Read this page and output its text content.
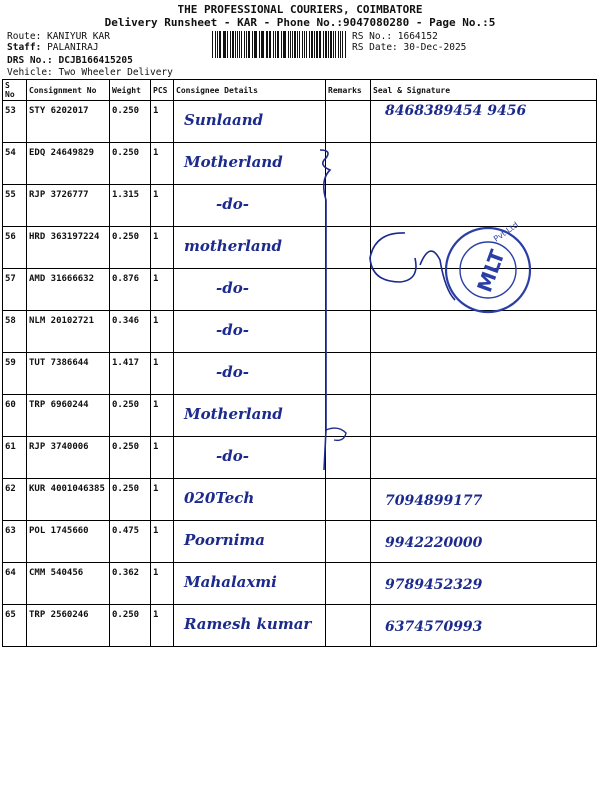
THE PROFESSIONAL COURIERS, COIMBATORE
Delivery Runsheet - KAR - Phone No.:9047080280 - Page No.:5
Route: KANIYUR KAR
Staff: PALANIRAJ
DRS No.: DCJB166415205
Vehicle: Two Wheeler Delivery
RS No.: 1664152
RS Date: 30-Dec-2025
S No	Consignment No	Weight	PCS	Consignee Details	Remarks	Seal & Signature

53	STY 6202017	0.250	1	Sunlaand		8468389454 9456

54	EDQ 24649829	0.250	1	Motherland		

55	RJP 3726777	1.315	1	-do-		

56	HRD 363197224	0.250	1	motherland		

57	AMD 31666632	0.876	1	-do-		

58	NLM 20102721	0.346	1	-do-		

59	TUT 7386644	1.417	1	-do-		

60	TRP 6960244	0.250	1	Motherland		

61	RJP 3740006	0.250	1	-do-		

62	KUR 4001046385	0.250	1	020Tech		7094899177

63	POL 1745660	0.475	1	Poornima		9942220000

64	CMM 540456	0.362	1	Mahalaxmi		9789452329

65	TRP 2560246	0.250	1	Ramesh kumar		6374570993
MLT
Pvt Ltd
